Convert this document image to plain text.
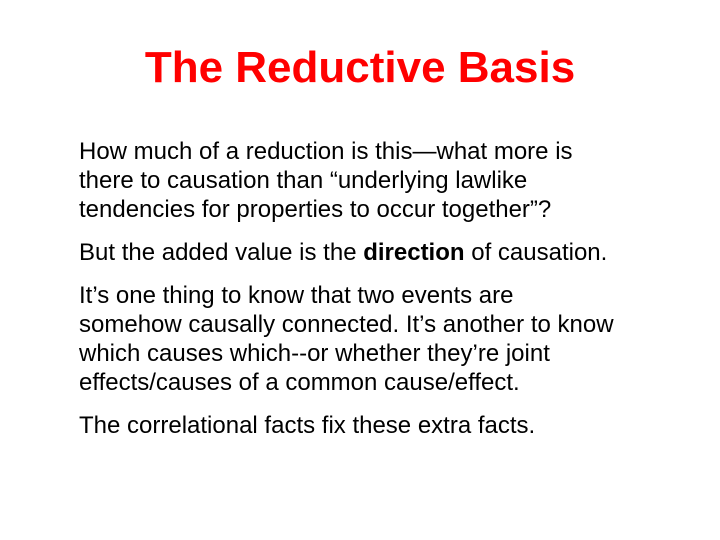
The Reductive Basis

How much of a reduction is this—what more is
there to causation than “underlying lawlike
tendencies for properties to occur together”?

But the added value is the direction of causation.

It’s one thing to know that two events are
somehow causally connected. It’s another to know
which causes which--or whether they’re joint
effects/causes of a common cause/effect.

The correlational facts fix these extra facts.
